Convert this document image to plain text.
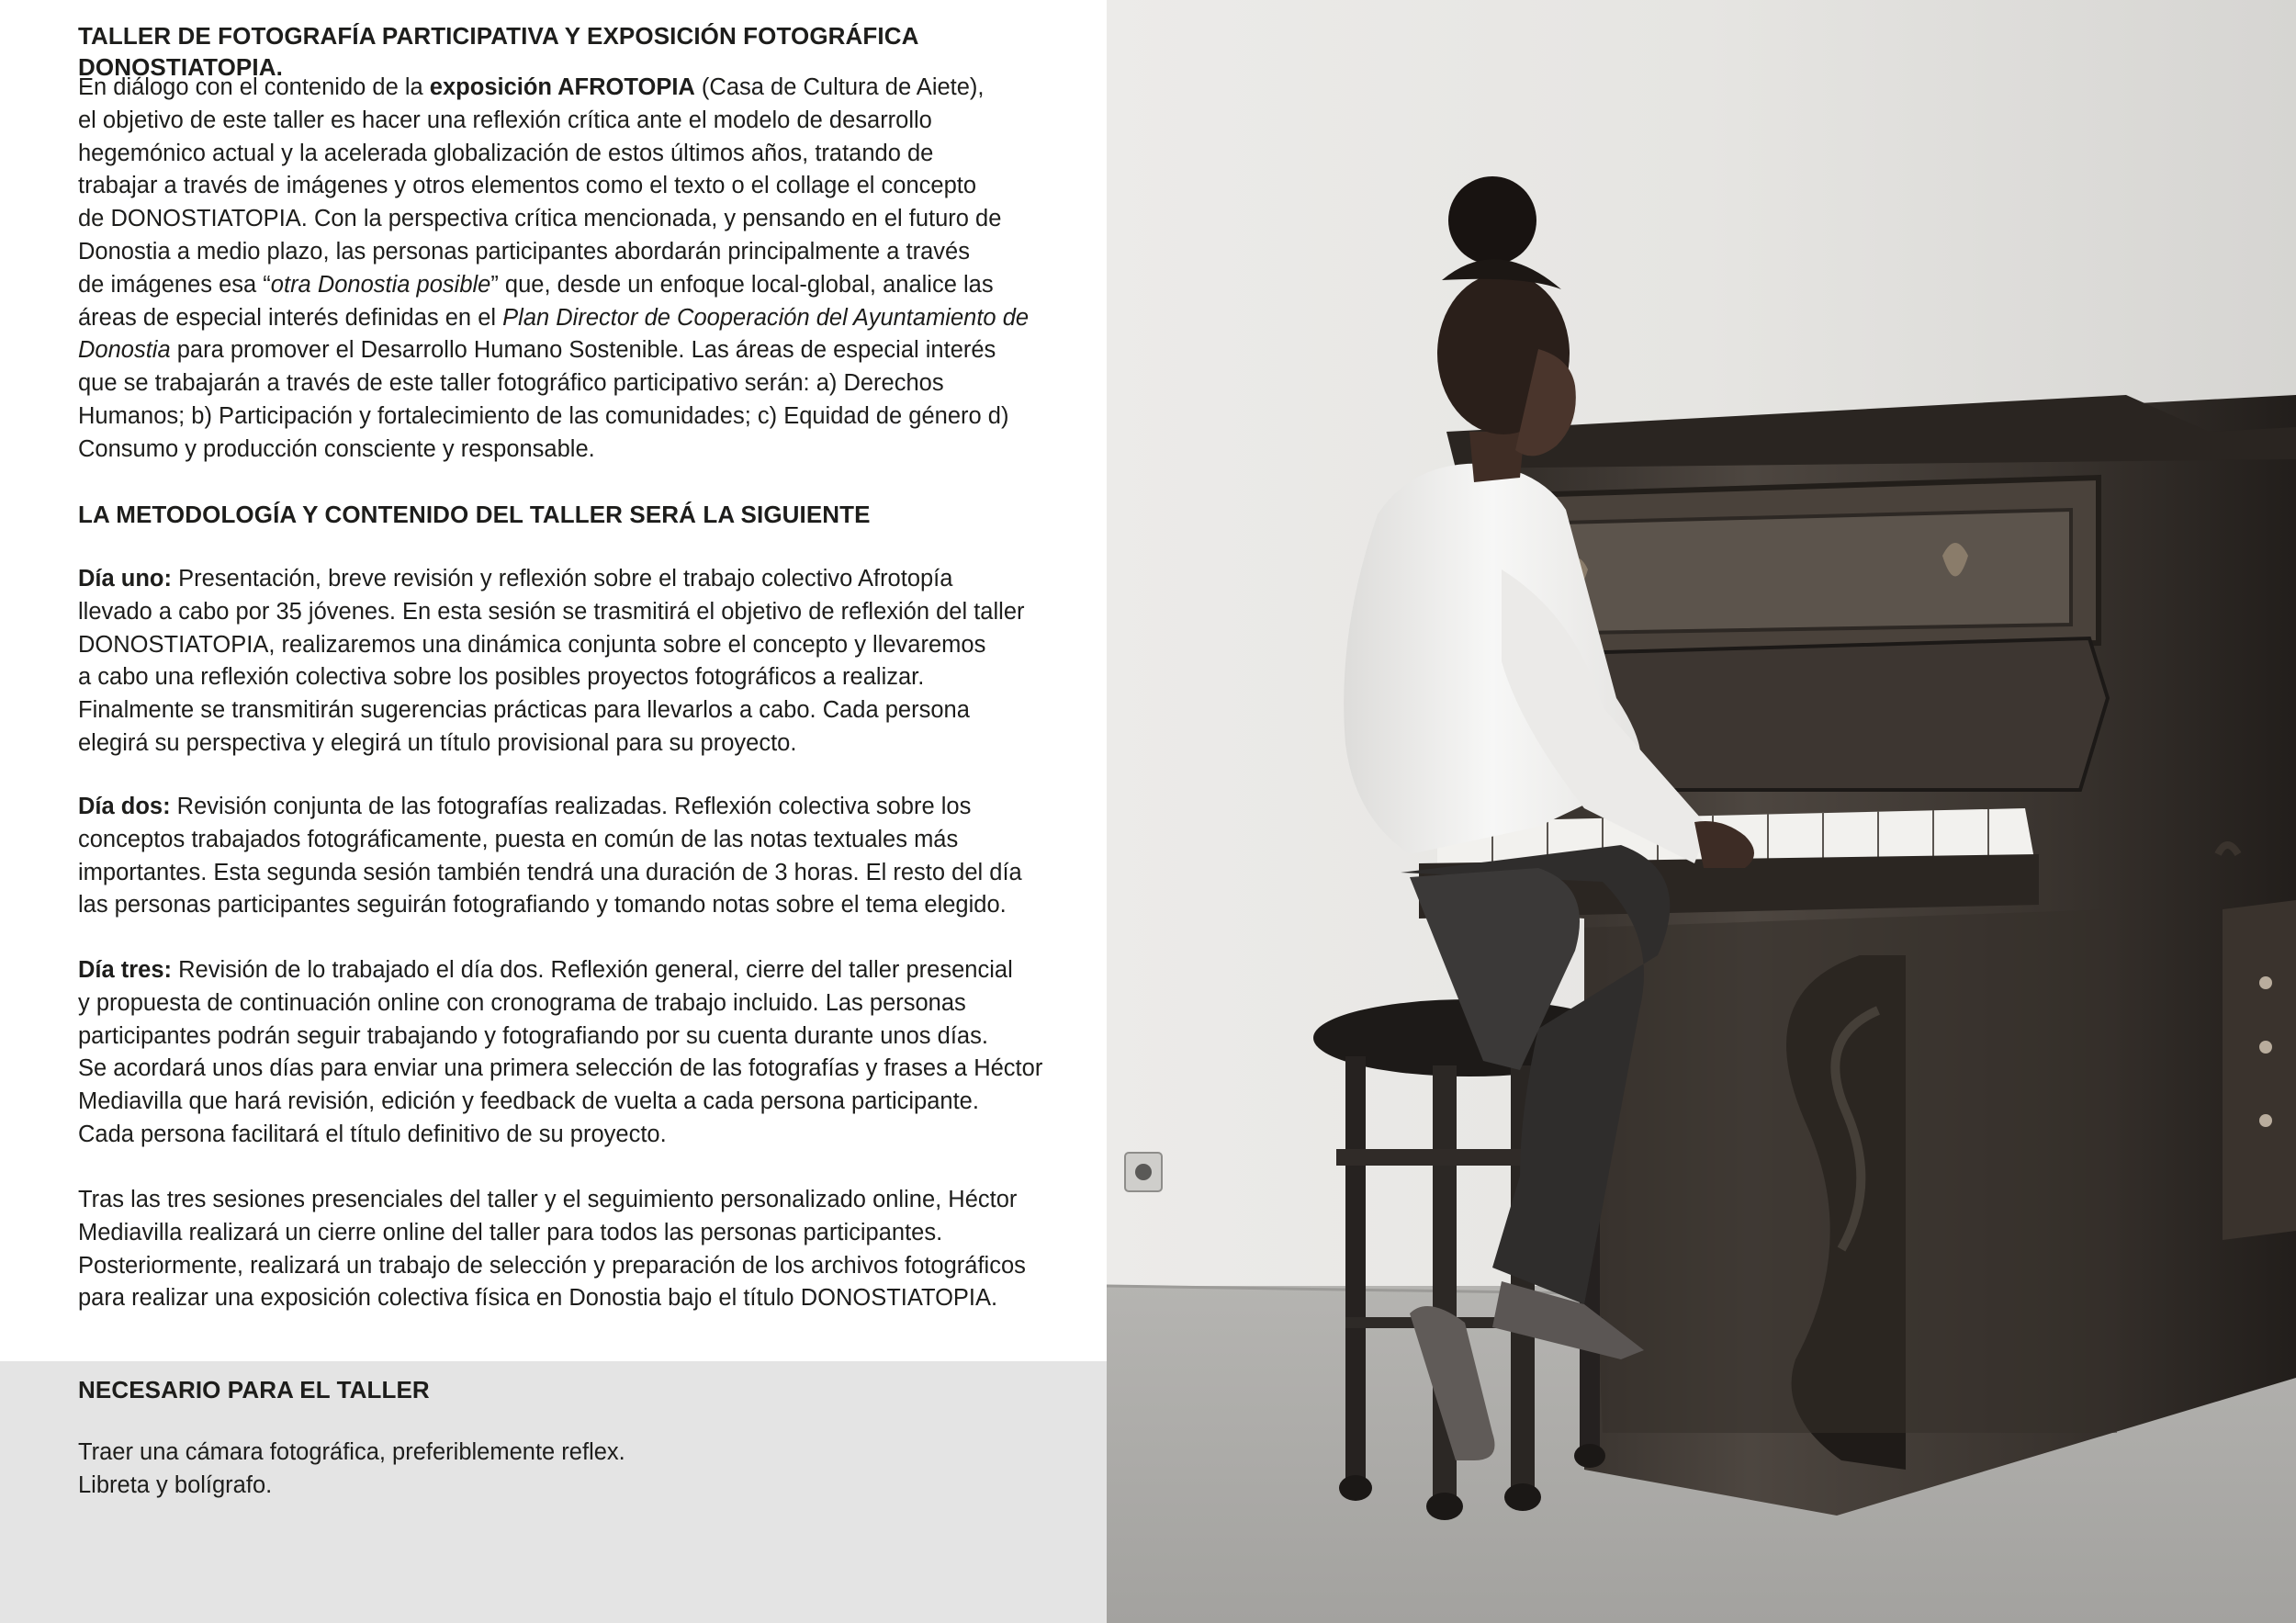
TALLER DE FOTOGRAFÍA PARTICIPATIVA Y EXPOSICIÓN FOTOGRÁFICA DONOSTIATOPIA.

En diálogo con el contenido de la exposición AFROTOPIA (Casa de Cultura de Aiete),

el objetivo de este taller es hacer una reflexión crítica ante el modelo de desarrollo

hegemónico actual y la acelerada globalización de estos últimos años, tratando de

trabajar a través de imágenes y otros elementos como el texto o el collage el concepto

de DONOSTIATOPIA. Con la perspectiva crítica mencionada, y pensando en el futuro de

Donostia a medio plazo, las personas participantes abordarán principalmente a través

de imágenes esa “otra Donostia posible” que, desde un enfoque local-global, analice las

áreas de especial interés definidas en el Plan Director de Cooperación del Ayuntamiento de

Donostia para promover el Desarrollo Humano Sostenible. Las áreas de especial interés

que se trabajarán a través de este taller fotográfico participativo serán: a) Derechos

Humanos; b) Participación y fortalecimiento de las comunidades; c) Equidad de género d)

Consumo y producción consciente y responsable.

LA METODOLOGÍA Y CONTENIDO DEL TALLER SERÁ LA SIGUIENTE

Día uno: Presentación, breve revisión y reflexión sobre el trabajo colectivo Afrotopía

llevado a cabo por 35 jóvenes. En esta sesión se trasmitirá el objetivo de reflexión del taller

DONOSTIATOPIA, realizaremos una dinámica conjunta sobre el concepto y llevaremos

a cabo una reflexión colectiva sobre los posibles proyectos fotográficos a realizar.

Finalmente se transmitirán sugerencias prácticas para llevarlos a cabo. Cada persona

elegirá su perspectiva y elegirá un título provisional para su proyecto.

Día dos: Revisión conjunta de las fotografías realizadas. Reflexión colectiva sobre los

conceptos trabajados fotográficamente, puesta en común de las notas textuales más

importantes. Esta segunda sesión también tendrá una duración de 3 horas. El resto del día

las personas participantes seguirán fotografiando y tomando notas sobre el tema elegido.

Día tres: Revisión de lo trabajado el día dos. Reflexión general, cierre del taller presencial

y propuesta de continuación online con cronograma de trabajo incluido. Las personas

participantes podrán seguir trabajando y fotografiando por su cuenta durante unos días.

Se acordará unos días para enviar una primera selección de las fotografías y frases a Héctor

Mediavilla que hará revisión, edición y feedback de vuelta a cada persona participante.

Cada persona facilitará el título definitivo de su proyecto.

Tras las tres sesiones presenciales del taller y el seguimiento personalizado online, Héctor

Mediavilla realizará un cierre online del taller para todos las personas participantes.

Posteriormente, realizará un trabajo de selección y preparación de los archivos fotográficos

para realizar una exposición colectiva física en Donostia bajo el título DONOSTIATOPIA.

NECESARIO PARA EL TALLER

Traer una cámara fotográfica, preferiblemente reflex.

Libreta y bolígrafo.
